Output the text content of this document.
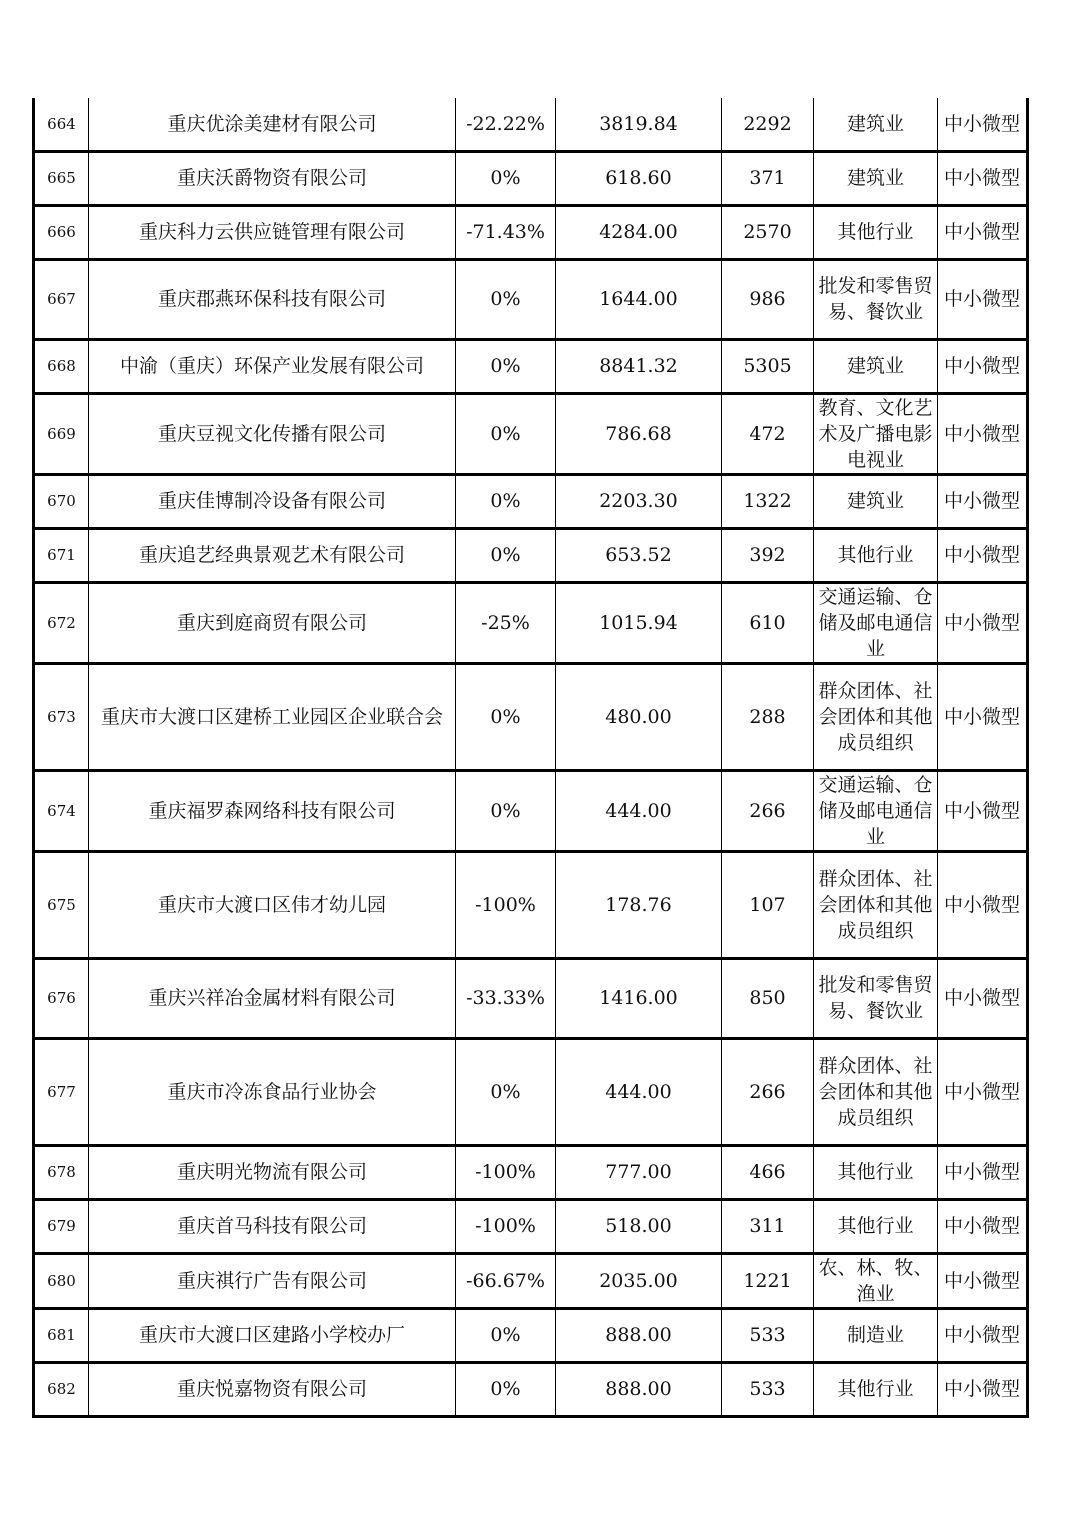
664	重庆优涂美建材有限公司	-22.22%	3819.84	2292	建筑业	中小微型
665	重庆沃爵物资有限公司	0%	618.60	371	建筑业	中小微型
666	重庆科力云供应链管理有限公司	-71.43%	4284.00	2570	其他行业	中小微型
667	重庆郡燕环保科技有限公司	0%	1644.00	986	批发和零售贸易、餐饮业	中小微型
668	中渝（重庆）环保产业发展有限公司	0%	8841.32	5305	建筑业	中小微型
669	重庆豆视文化传播有限公司	0%	786.68	472	教育、文化艺术及广播电影电视业	中小微型
670	重庆佳博制冷设备有限公司	0%	2203.30	1322	建筑业	中小微型
671	重庆追艺经典景观艺术有限公司	0%	653.52	392	其他行业	中小微型
672	重庆到庭商贸有限公司	-25%	1015.94	610	交通运输、仓储及邮电通信业	中小微型
673	重庆市大渡口区建桥工业园区企业联合会	0%	480.00	288	群众团体、社会团体和其他成员组织	中小微型
674	重庆福罗森网络科技有限公司	0%	444.00	266	交通运输、仓储及邮电通信业	中小微型
675	重庆市大渡口区伟才幼儿园	-100%	178.76	107	群众团体、社会团体和其他成员组织	中小微型
676	重庆兴祥冶金属材料有限公司	-33.33%	1416.00	850	批发和零售贸易、餐饮业	中小微型
677	重庆市冷冻食品行业协会	0%	444.00	266	群众团体、社会团体和其他成员组织	中小微型
678	重庆明光物流有限公司	-100%	777.00	466	其他行业	中小微型
679	重庆首马科技有限公司	-100%	518.00	311	其他行业	中小微型
680	重庆祺行广告有限公司	-66.67%	2035.00	1221	农、林、牧、渔业	中小微型
681	重庆市大渡口区建路小学校办厂	0%	888.00	533	制造业	中小微型
682	重庆悦嘉物资有限公司	0%	888.00	533	其他行业	中小微型
